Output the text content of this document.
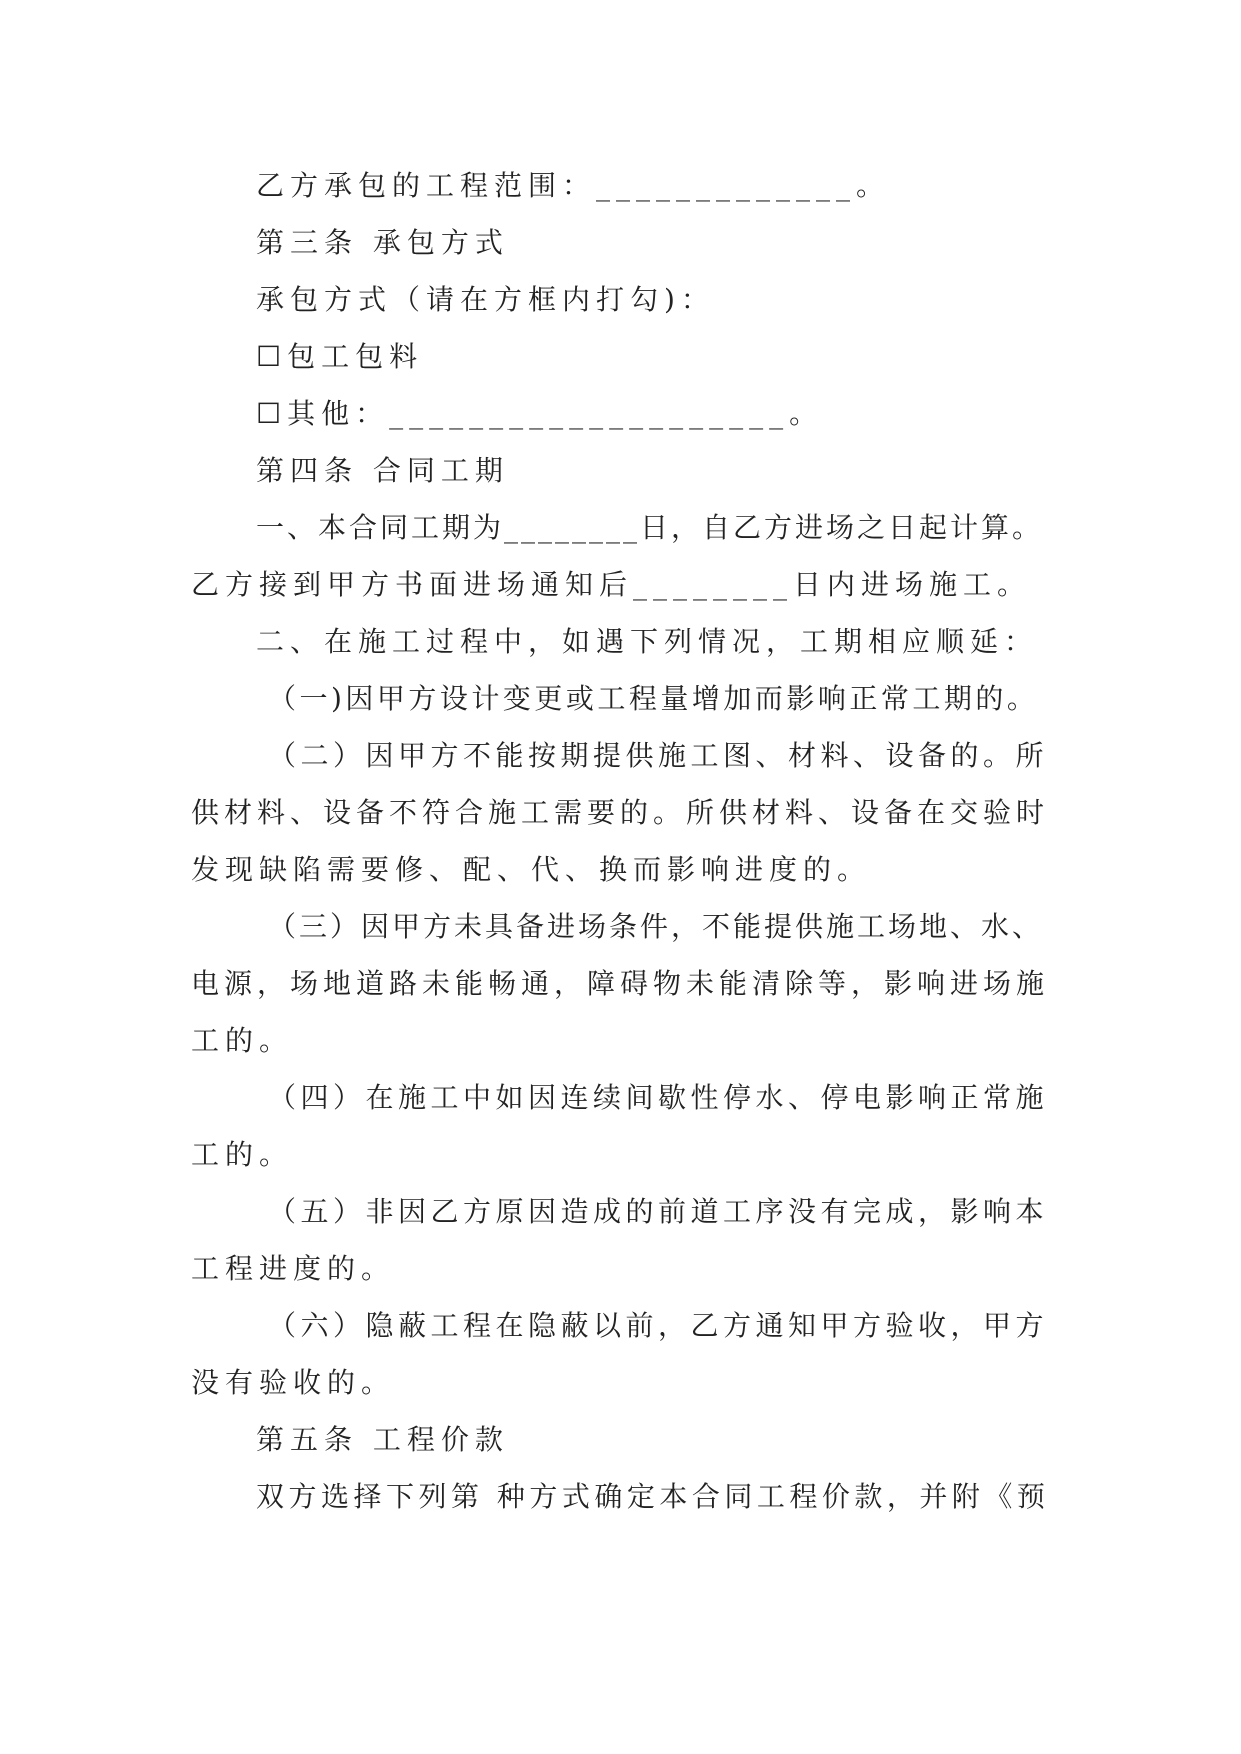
乙方承包的工程范围：_____________。
第三条 承包方式
承包方式（请在方框内打勾)：
☐包工包料
☐其他：____________________。
第四条 合同工期
一、本合同工期为________日，自乙方进场之日起计算。
乙方接到甲方书面进场通知后________日内进场施工。
二、在施工过程中，如遇下列情况，工期相应顺延：
（一)因甲方设计变更或工程量增加而影响正常工期的。
（二）因甲方不能按期提供施工图、材料、设备的。所
供材料、设备不符合施工需要的。所供材料、设备在交验时
发现缺陷需要修、配、代、换而影响进度的。
（三）因甲方未具备进场条件，不能提供施工场地、水、
电源，场地道路未能畅通，障碍物未能清除等，影响进场施
工的。
（四）在施工中如因连续间歇性停水、停电影响正常施
工的。
（五）非因乙方原因造成的前道工序没有完成，影响本
工程进度的。
（六）隐蔽工程在隐蔽以前，乙方通知甲方验收，甲方
没有验收的。
第五条 工程价款
双方选择下列第 种方式确定本合同工程价款，并附《预
